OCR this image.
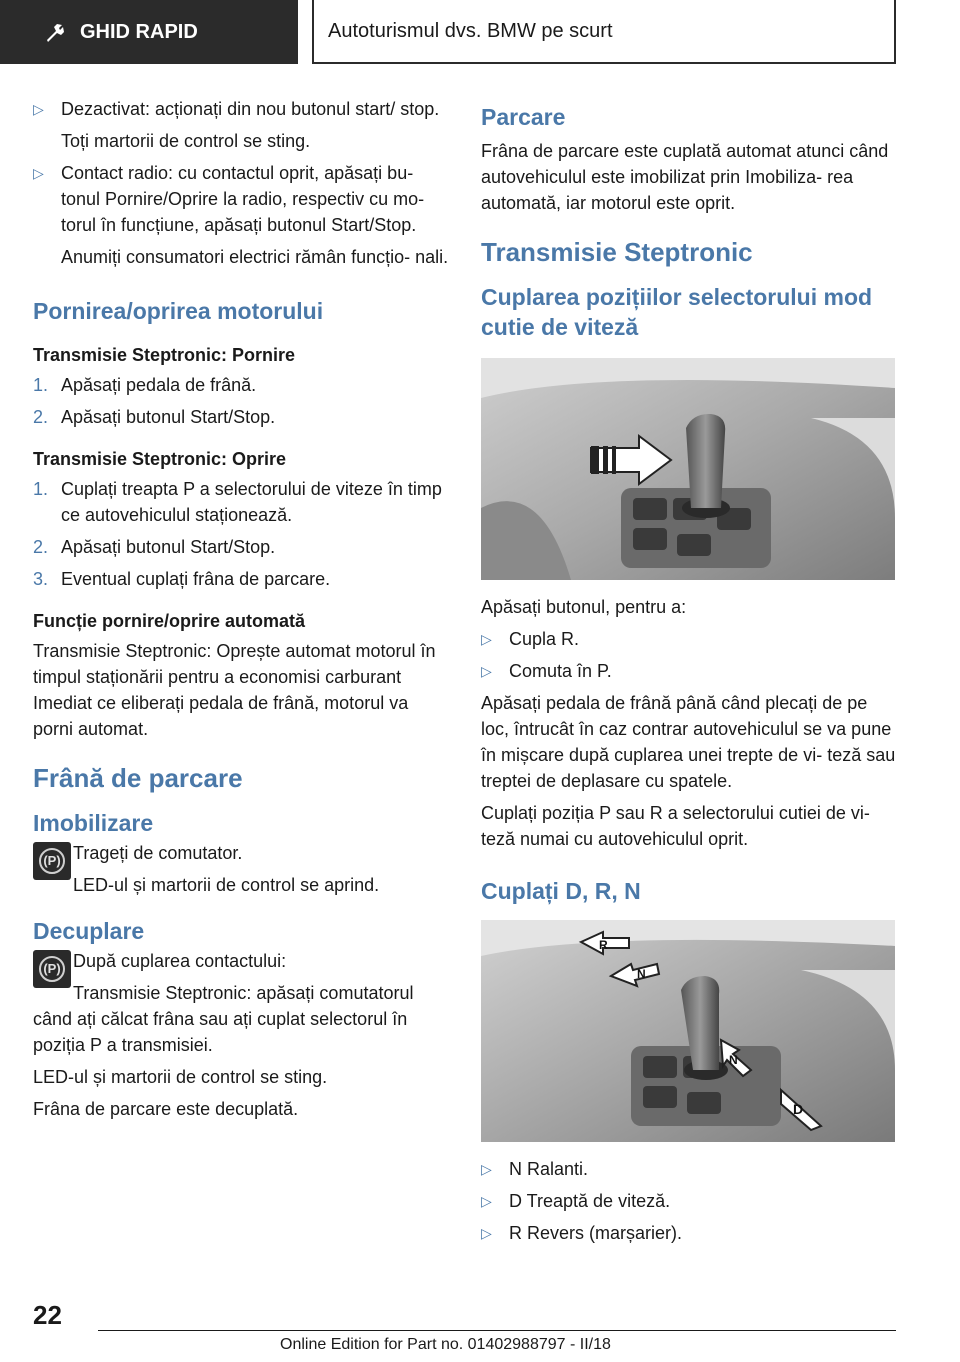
GHID RAPID	Autoturismul dvs. BMW pe scurt
▷ Dezactivat: acționați din nou butonul start/ stop.
Toți martorii de control se sting.
▷ Contact radio: cu contactul oprit, apăsați bu- tonul Pornire/Oprire la radio, respectiv cu mo- torul în funcțiune, apăsați butonul Start/Stop.
Anumiți consumatori electrici rămân funcțio- nali.
Pornirea/oprirea motorului
Transmisie Steptronic: Pornire
1. Apăsați pedala de frână.
2. Apăsați butonul Start/Stop.
Transmisie Steptronic: Oprire
1. Cuplați treapta P a selectorului de viteze în timp ce autovehiculul staționează.
2. Apăsați butonul Start/Stop.
3. Eventual cuplați frâna de parcare.
Funcție pornire/oprire automată

Transmisie Steptronic: Oprește automat motorul în timpul staționării pentru a economisi carburant

Imediat ce eliberați pedala de frână, motorul va porni automat.

Frână de parcare
Imobilizare
(P) Trageți de comutator.

LED-ul și martorii de control se aprind.

Decuplare
(P) După cuplarea contactului:

Transmisie Steptronic: apăsați comutatorul când ați călcat frâna sau ați cuplat selectorul în poziția P a transmisiei.

LED-ul și martorii de control se sting.

Frâna de parcare este decuplată.

Parcare

Frâna de parcare este cuplată automat atunci când autovehiculul este imobilizat prin Imobiliza- rea automată, iar motorul este oprit.

Transmisie Steptronic
Cuplarea pozițiilor selectorului mod cutie de viteză

Apăsați butonul, pentru a:

▷ Cupla R.
▷ Comuta în P.

Apăsați pedala de frână până când plecați de pe loc, întrucât în caz contrar autovehiculul se va pune în mișcare după cuplarea unei trepte de vi- teză sau treptei de deplasare cu spatele.

Cuplați poziția P sau R a selectorului cutiei de vi- teză numai cu autovehiculul oprit.

Cuplați D, R, N
R
N
N
D
▷ N Ralanti.
▷ D Treaptă de viteză.
▷ R Revers (marșarier).
22
Online Edition for Part no. 01402988797 - II/18
